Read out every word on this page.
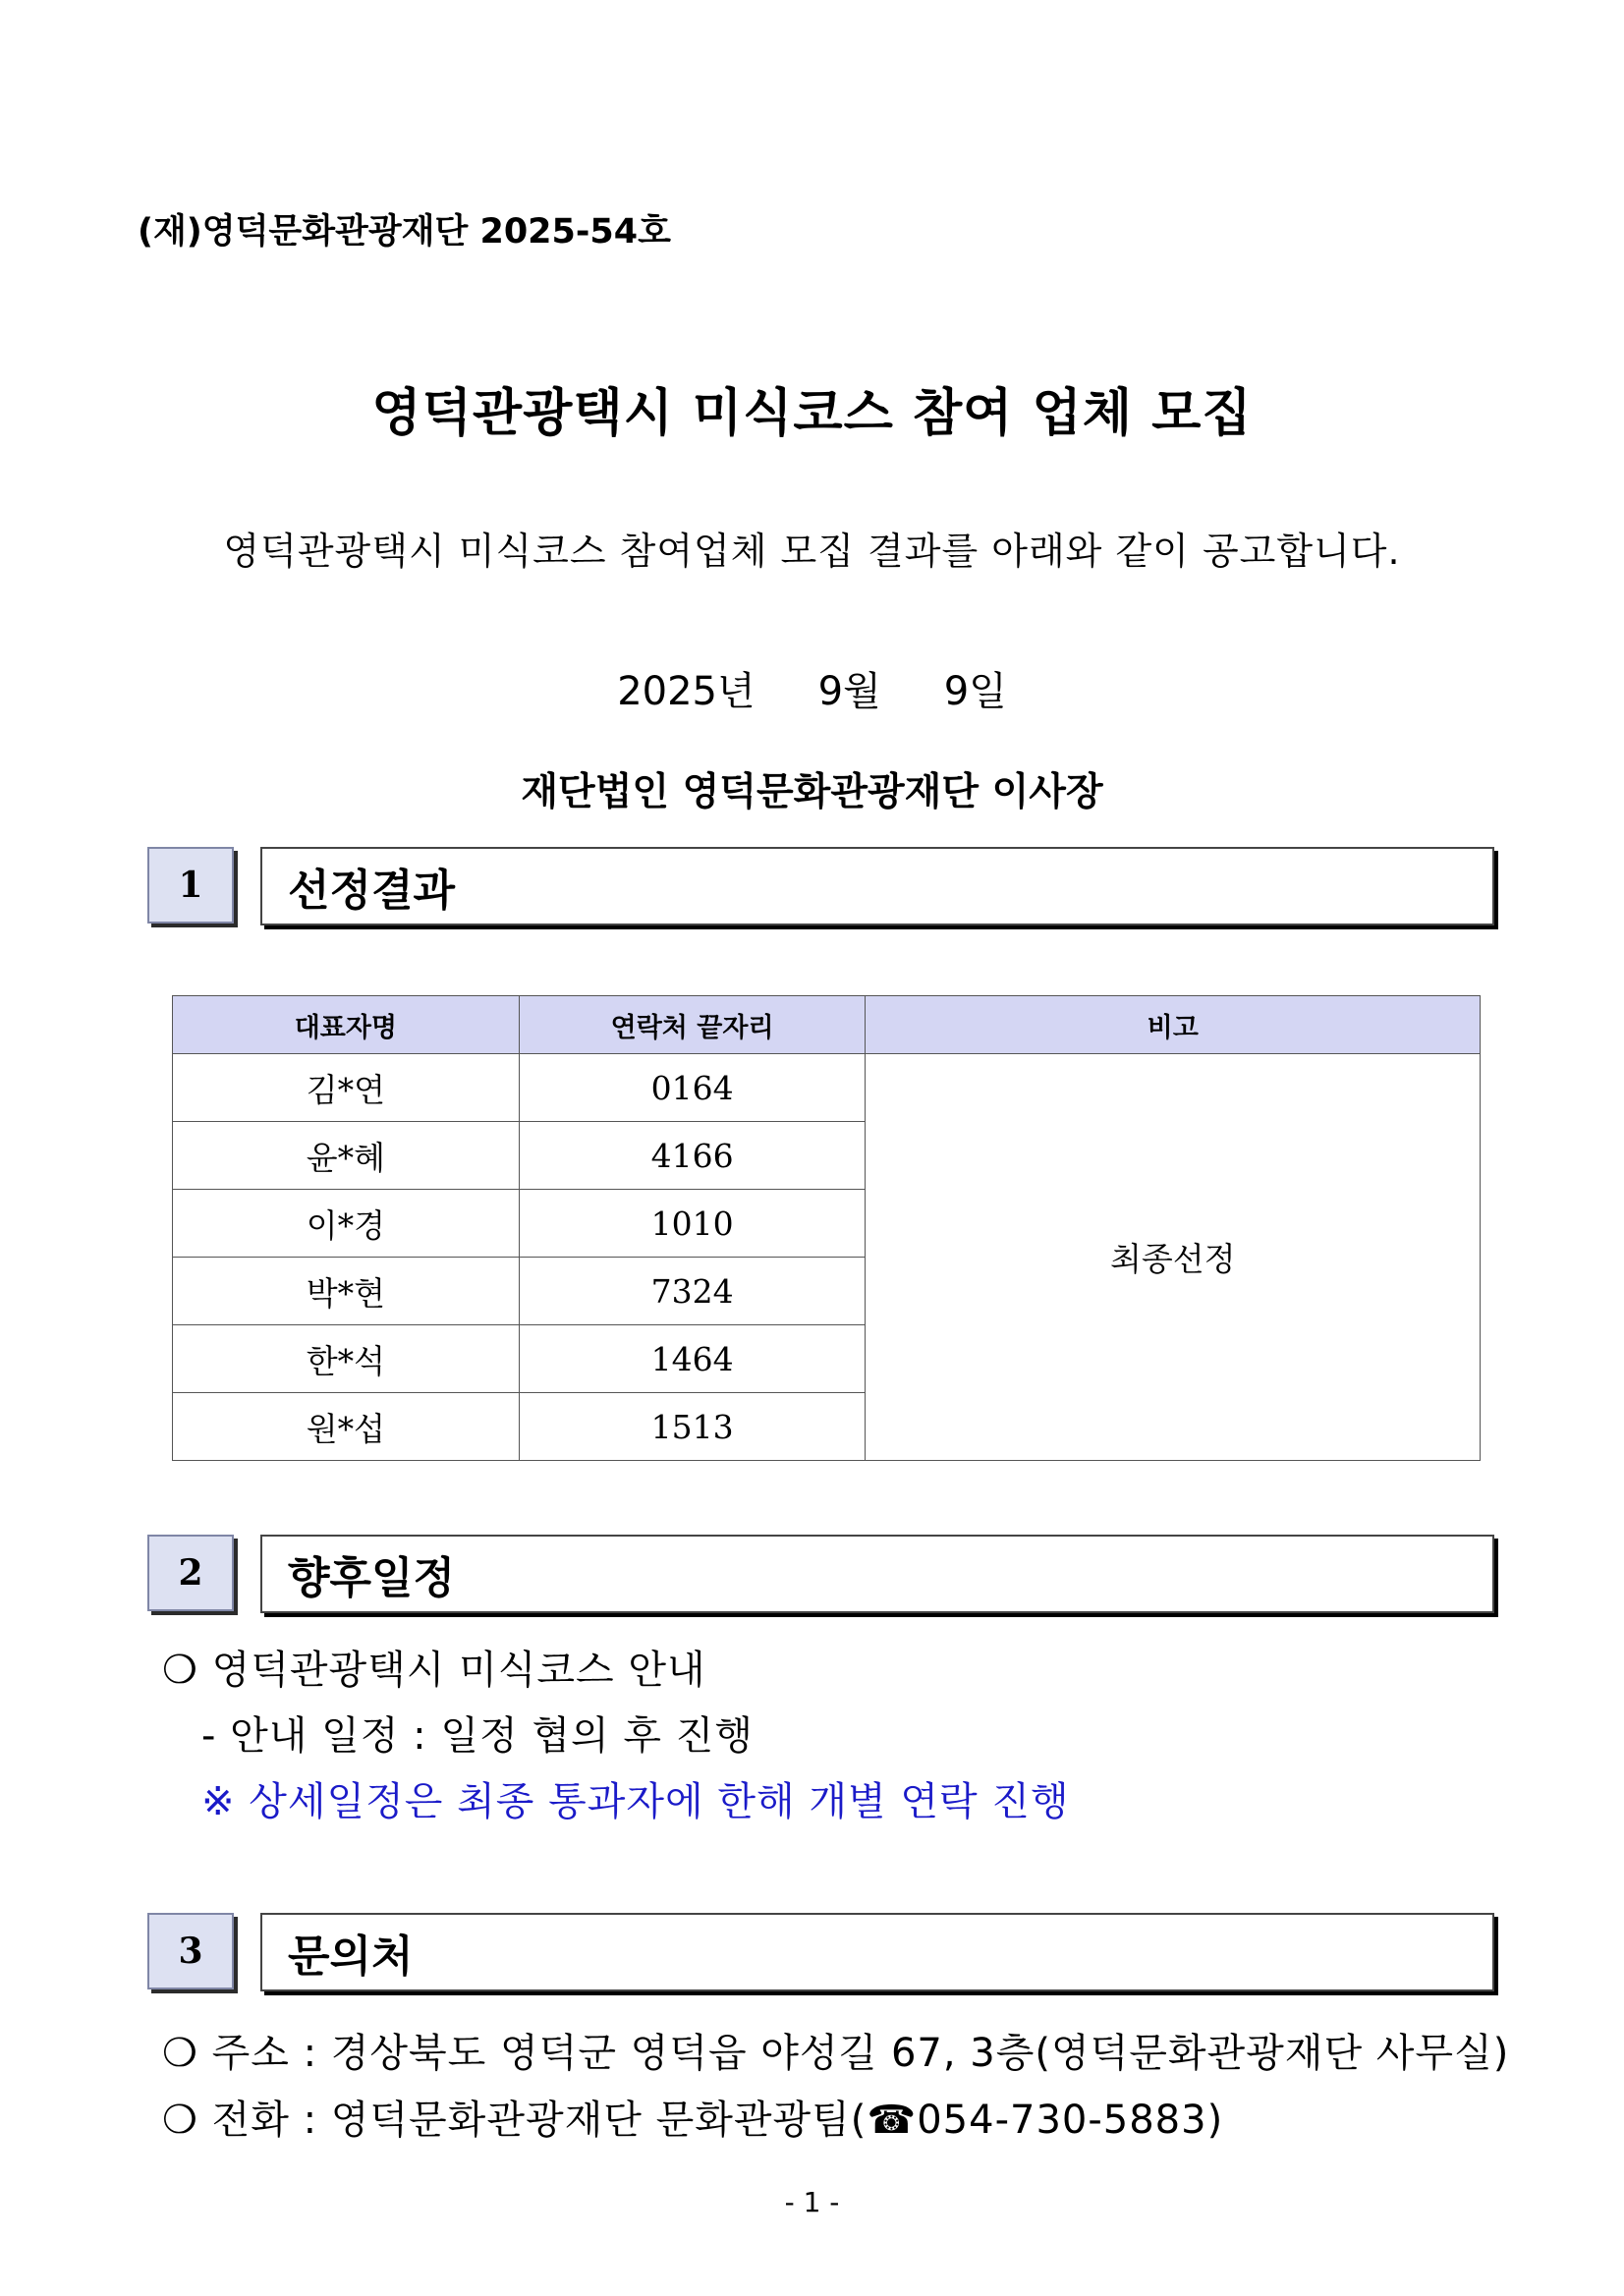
(재)영덕문화관광재단 2025-54호
영덕관광택시 미식코스 참여 업체 모집
영덕관광택시 미식코스 참여업체 모집 결과를 아래와 같이 공고합니다.
2025년 9월 9일
재단법인 영덕문화관광재단 이사장
1	선정결과
대표자명	연락처 끝자리	비고
김*연	0164	최종선정
윤*혜	4166	
이*경	1010	
박*현	7324	
한*석	1464	
원*섭	1513	
2	향후일정
❍ 영덕관광택시 미식코스 안내
- 안내 일정 : 일정 협의 후 진행
※ 상세일정은 최종 통과자에 한해 개별 연락 진행
3	문의처
❍ 주소 : 경상북도 영덕군 영덕읍 야성길 67, 3층(영덕문화관광재단 사무실)
❍ 전화 : 영덕문화관광재단 문화관광팀(☎054-730-5883)
- 1 -
